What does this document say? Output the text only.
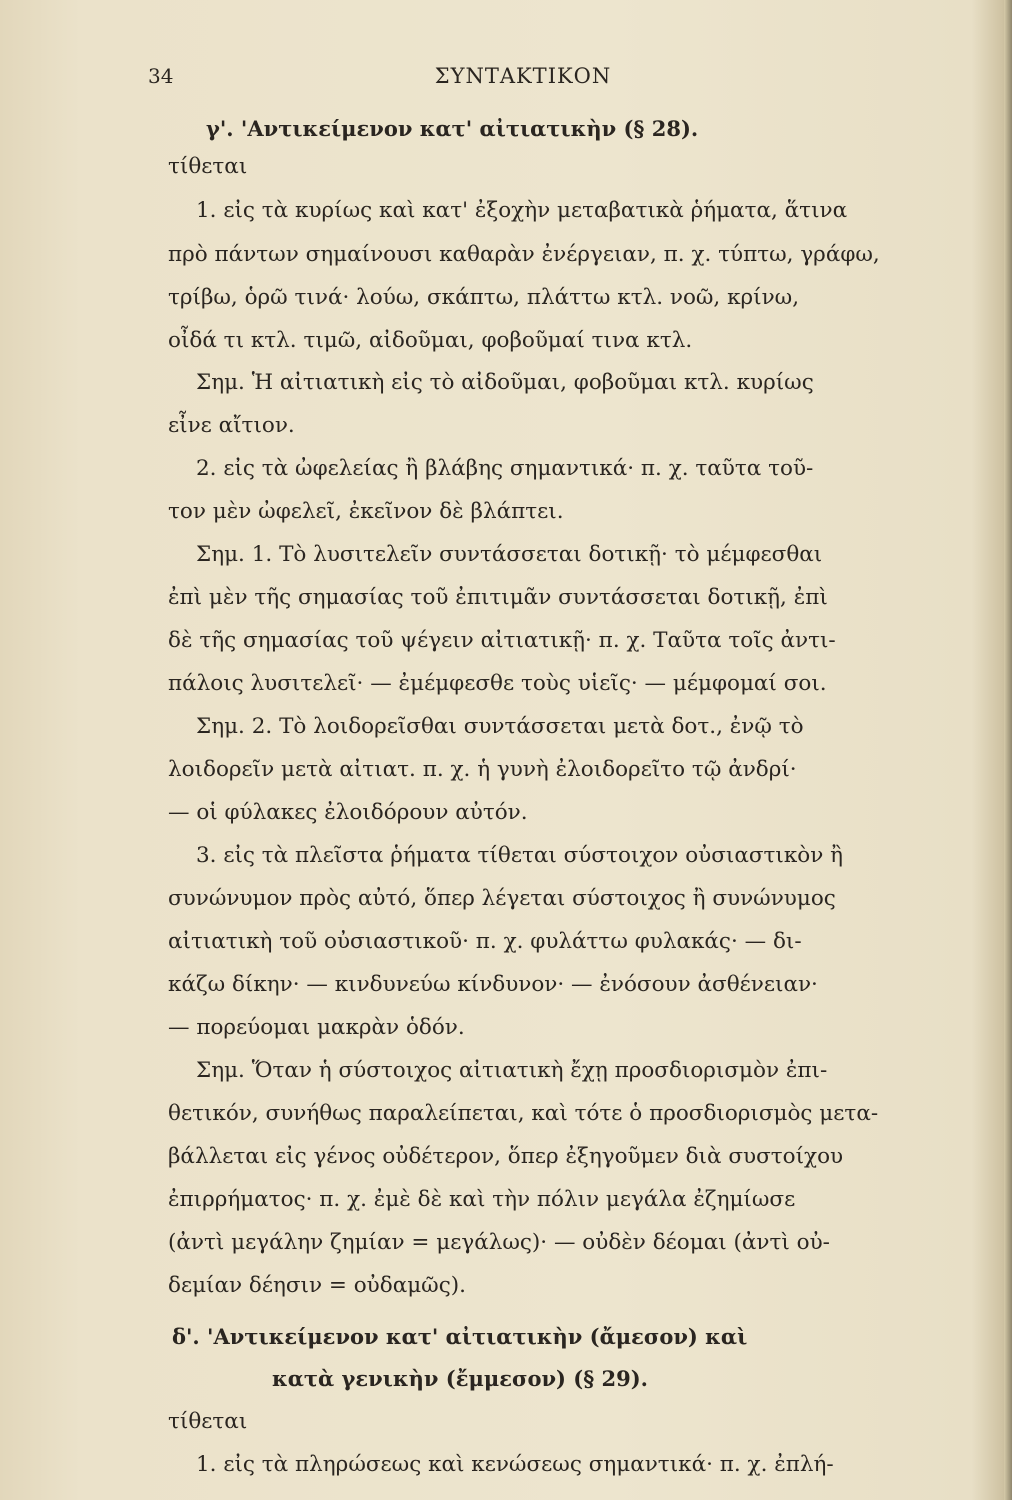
34	ΣΥΝΤΑΚΤΙΚΟΝ
γ'. 'Αντικείμενον κατ' αἰτιατικὴν (§ 28).
τίθεται
1. εἰς τὰ κυρίως καὶ κατ' ἐξοχὴν μεταβατικὰ ῥήματα, ἅτινα
πρὸ πάντων σημαίνουσι καθαρὰν ἐνέργειαν, π. χ. τύπτω, γράφω,
τρίβω, ὁρῶ τινά· λούω, σκάπτω, πλάττω κτλ. νοῶ, κρίνω,
οἶδά τι κτλ. τιμῶ, αἰδοῦμαι, φοβοῦμαί τινα κτλ.
Σημ. Ἡ αἰτιατικὴ εἰς τὸ αἰδοῦμαι, φοβοῦμαι κτλ. κυρίως
εἶνε αἴτιον.
2. εἰς τὰ ὠφελείας ἢ βλάβης σημαντικά· π. χ. ταῦτα τοῦ-
τον μὲν ὠφελεῖ, ἐκεῖνον δὲ βλάπτει.
Σημ. 1. Τὸ λυσιτελεῖν συντάσσεται δοτικῇ· τὸ μέμφεσθαι
ἐπὶ μὲν τῆς σημασίας τοῦ ἐπιτιμᾶν συντάσσεται δοτικῇ, ἐπὶ
δὲ τῆς σημασίας τοῦ ψέγειν αἰτιατικῇ· π. χ. Ταῦτα τοῖς ἀντι-
πάλοις λυσιτελεῖ· — ἐμέμφεσθε τοὺς υἱεῖς· — μέμφομαί σοι.
Σημ. 2. Τὸ λοιδορεῖσθαι συντάσσεται μετὰ δοτ., ἐνῷ τὸ
λοιδορεῖν μετὰ αἰτιατ. π. χ. ἡ γυνὴ ἐλοιδορεῖτο τῷ ἀνδρί·
— οἱ φύλακες ἐλοιδόρουν αὐτόν.
3. εἰς τὰ πλεῖστα ῥήματα τίθεται σύστοιχον οὐσιαστικὸν ἢ
συνώνυμον πρὸς αὐτό, ὅπερ λέγεται σύστοιχος ἢ συνώνυμος
αἰτιατικὴ τοῦ οὐσιαστικοῦ· π. χ. φυλάττω φυλακάς· — δι-
κάζω δίκην· — κινδυνεύω κίνδυνον· — ἐνόσουν ἀσθένειαν·
— πορεύομαι μακρὰν ὁδόν.
Σημ. Ὅταν ἡ σύστοιχος αἰτιατικὴ ἔχῃ προσδιορισμὸν ἐπι-
θετικόν, συνήθως παραλείπεται, καὶ τότε ὁ προσδιορισμὸς μετα-
βάλλεται εἰς γένος οὐδέτερον, ὅπερ ἐξηγοῦμεν διὰ συστοίχου
ἐπιρρήματος· π. χ. ἐμὲ δὲ καὶ τὴν πόλιν μεγάλα ἐζημίωσε
(ἀντὶ μεγάλην ζημίαν = μεγάλως)· — οὐδὲν δέομαι (ἀντὶ οὐ-
δεμίαν δέησιν = οὐδαμῶς).
δ'. 'Αντικείμενον κατ' αἰτιατικὴν (ἄμεσον) καὶ
κατὰ γενικὴν (ἔμμεσον) (§ 29).
τίθεται
1. εἰς τὰ πληρώσεως καὶ κενώσεως σημαντικά· π. χ. ἐπλή-
